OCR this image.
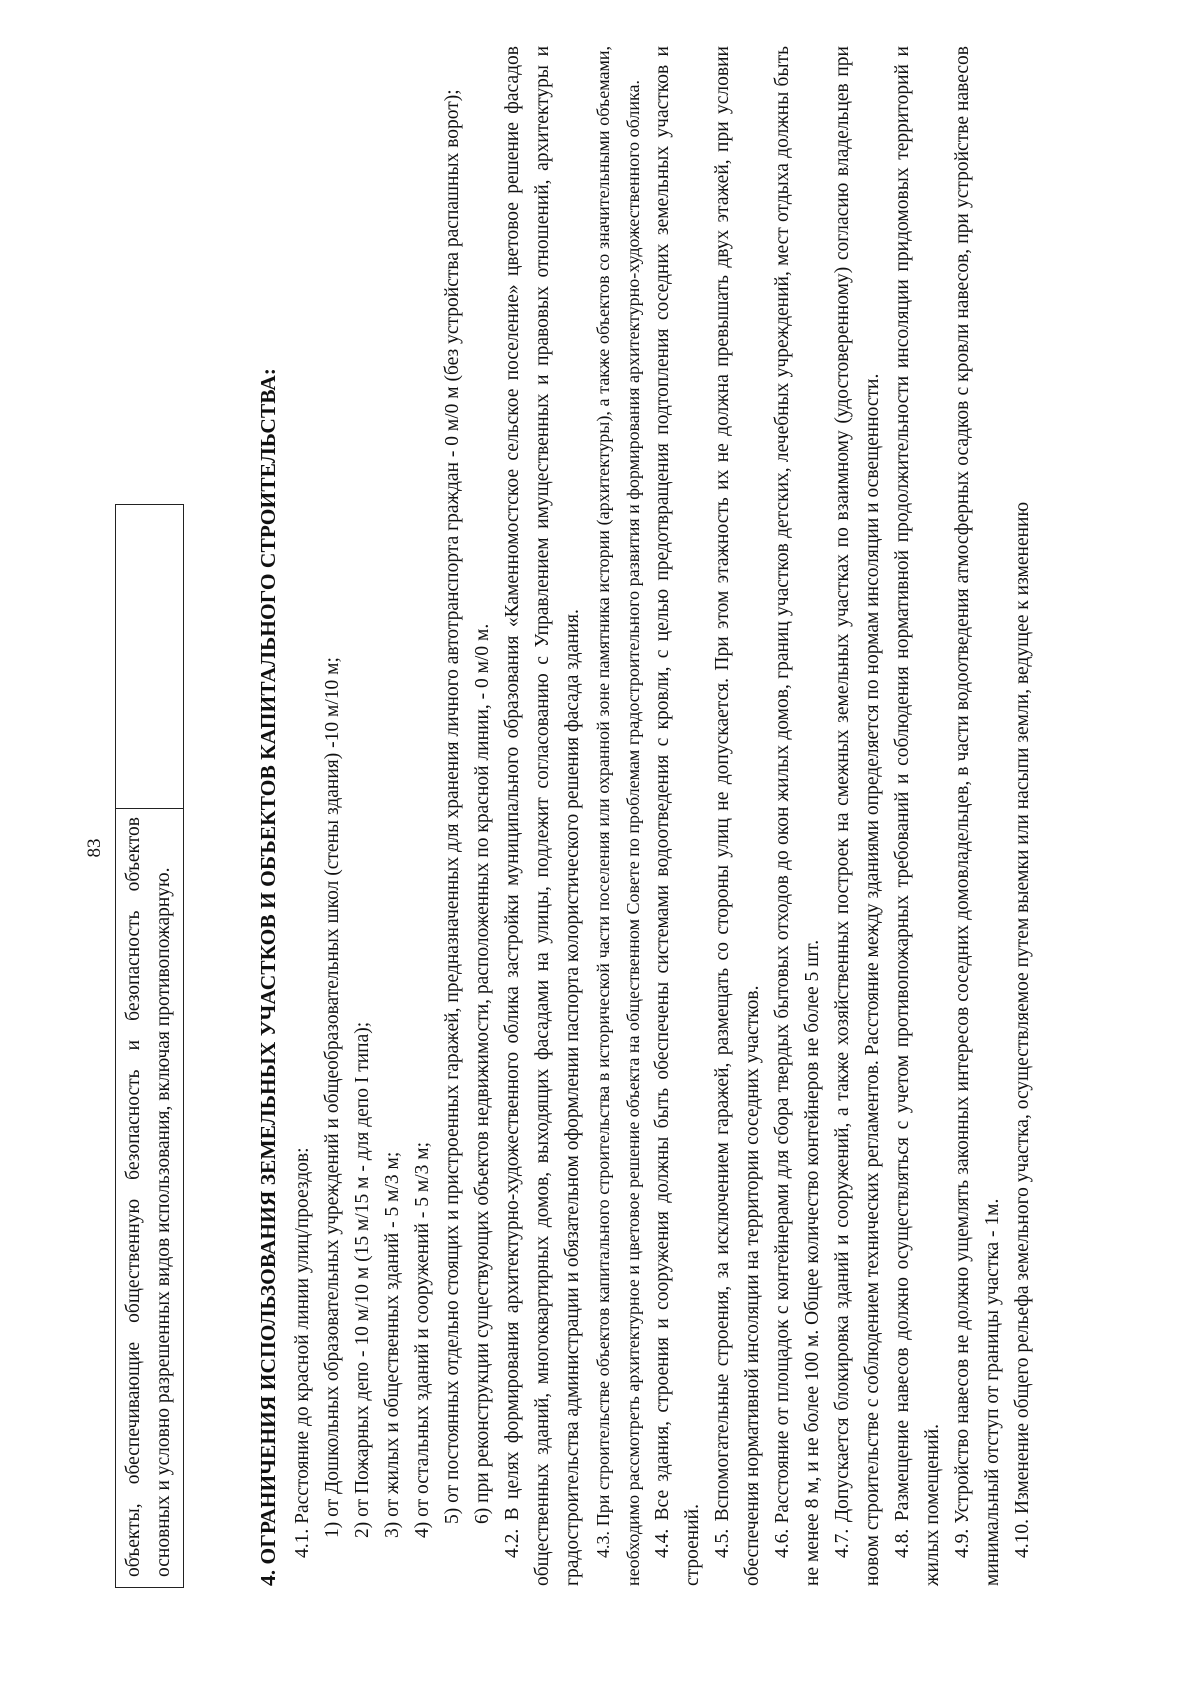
83 объекты, обеспечивающие общественную безопасность и безопасность объектов основных и условно разрешенных видов использования, включая противопожарную.		4. ОГРАНИЧЕНИЯ ИСПОЛЬЗОВАНИЯ ЗЕМЕЛЬНЫХ УЧАСТКОВ И ОБЪЕКТОВ КАПИТАЛЬНОГО СТРОИТЕЛЬСТВА: 4.1. Расстояние до красной линии улиц/проездов: 1) от Дошкольных образовательных учреждений и общеобразовательных школ (стены здания) -10 м/10 м; 2) от Пожарных депо - 10 м/10 м (15 м/15 м - для депо I типа); 3) от жилых и общественных зданий - 5 м/3 м; 4) от остальных зданий и сооружений - 5 м/3 м; 5) от постоянных отдельно стоящих и пристроенных гаражей, предназначенных для хранения личного автотранспорта граждан - 0 м/0 м (без устройства распашных ворот); 6) при реконструкции существующих объектов недвижимости, расположенных по красной линии, - 0 м/0 м. 4.2. В целях формирования архитектурно-художественного облика застройки муниципального образования «Каменномостское сельское поселение» цветовое решение фасадов общественных зданий, многоквартирных домов, выходящих фасадами на улицы, подлежит согласованию с Управлением имущественных и правовых отношений, архитектуры и градостроительства администрации и обязательном оформлении паспорта колористического решения фасада здания. 4.3. При строительстве объектов капитального строительства в исторической части поселения или охранной зоне памятника истории (архитектуры), а также объектов со значительными объемами, необходимо рассмотреть архитектурное и цветовое решение объекта на общественном Совете по проблемам градостроительного развития и формирования архитектурно-художественного облика. 4.4. Все здания, строения и сооружения должны быть обеспечены системами водоотведения с кровли, с целью предотвращения подтопления соседних земельных участков и строений. 4.5. Вспомогательные строения, за исключением гаражей, размещать со стороны улиц не допускается. При этом этажность их не должна превышать двух этажей, при условии обеспечения нормативной инсоляции на территории соседних участков. 4.6. Расстояние от площадок с контейнерами для сбора твердых бытовых отходов до окон жилых домов, границ участков детских, лечебных учреждений, мест отдыха должны быть не менее 8 м, и не более 100 м. Общее количество контейнеров не более 5 шт. 4.7. Допускается блокировка зданий и сооружений, а также хозяйственных построек на смежных земельных участках по взаимному (удостоверенному) согласию владельцев при новом строительстве с соблюдением технических регламентов. Расстояние между зданиями определяется по нормам инсоляции и освещенности. 4.8. Размещение навесов должно осуществляться с учетом противопожарных требований и соблюдения нормативной продолжительности инсоляции придомовых территорий и жилых помещений. 4.9. Устройство навесов не должно ущемлять законных интересов соседних домовладельцев, в части водоотведения атмосферных осадков с кровли навесов, при устройстве навесов минимальный отступ от границы участка - 1м. 4.10. Изменение общего рельефа земельного участка, осуществляемое путем выемки или насыпи земли, ведущее к изменению
